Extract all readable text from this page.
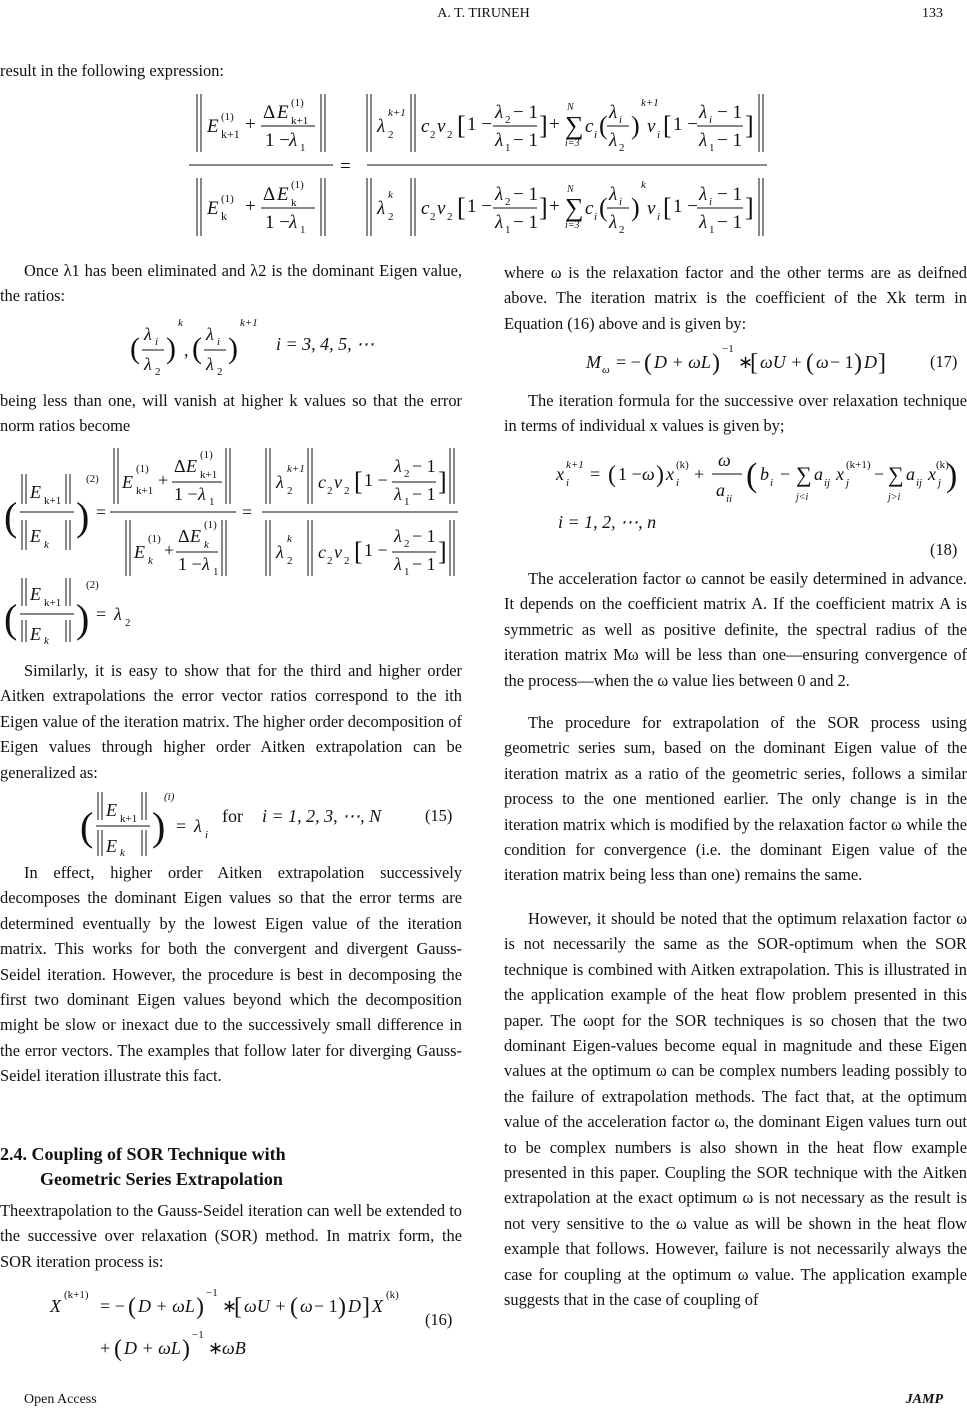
A. T. TIRUNEH	133

result in the following expression:

E k+1
(1) +
Δ E k+1
(1)
1 − λ 1
E k
(1) +
Δ E k
(1)
1 − λ 1
=
λ 2
k+1
c 2 v 2 [ 1 −
λ 2 − 1
λ 1 − 1
] + ∑
N
i=3
c i ( λ i
λ 2
)
k+1
v i [ 1 −
λ i − 1
λ 1 − 1
]
λ 2
k
c 2 v 2 [ 1 −
λ 2 − 1
λ 1 − 1
] + ∑
N
i=3
c i ( λ i
λ 2
)
k
v i [ 1 −
λ i − 1
λ 1 − 1
]

Once λ1 has been eliminated and λ2 is the dominant Eigen value, the ratios:

( λ i
λ 2
)
k
, ( λ i
λ 2
)
k+1
i = 3, 4, 5, ⋯

being less than one, will vanish at higher k values so that the error norm ratios become

(
E k+1
E k
)
(2)
=
E k+1
(1)
+
Δ E k+1
(1)
1 − λ 1
E k
(1)
+
Δ E k
(1)
1 − λ 1
=
λ 2
k+1
c 2 v 2 [ 1 −
λ 2 − 1
λ 1 − 1 ]
λ 2
k
c 2 v 2 [ 1 −
λ 2 − 1
λ 1 − 1 ]
(
E k+1
E k )
(2)
= λ 2

Similarly, it is easy to show that for the third and higher order Aitken extrapolations the error vector ratios correspond to the ith Eigen value of the iteration matrix. The higher order decomposition of Eigen values through higher order Aitken extrapolation can be generalized as:

( E k+1
E k
)
(i)
= λ i
for i = 1, 2, 3, ⋯, N	(15)

In effect, higher order Aitken extrapolation successively decomposes the dominant Eigen values so that the error terms are determined eventually by the lowest Eigen value of the iteration matrix. This works for both the convergent and divergent Gauss-Seidel iteration. However, the procedure is best in decomposing the first two dominant Eigen values beyond which the decomposition might be slow or inexact due to the successively small difference in the error vectors. The examples that follow later for diverging Gauss-Seidel iteration illustrate this fact.

2.4. Coupling of SOR Technique with
Geometric Series Extrapolation

Theextrapolation to the Gauss-Seidel iteration can well be extended to the successive over relaxation (SOR) method. In matrix form, the SOR iteration process is:

X
(k+1)
= − ( D + ωL )
−1
∗
[ ωU + ( ω − 1 ) D ] X
(k)
+ ( D + ωL )
−1
∗
ωB
(16)

where ω is the relaxation factor and the other terms are as deifned above. The iteration matrix is the coefficient of the Xk term in Equation (16) above and is given by:

M ω = − ( D + ωL )
−1
∗
[ ωU + ( ω − 1 ) D ]	(17)

The iteration formula for the successive over relaxation technique in terms of individual x values is given by;

x i
k+1 = ( 1 − ω ) x i
(k) +
ω
a ii
( b i − ∑
j<i
a ij x j
(k+1) − ∑
j>i
a ij x j
(k)
)
i = 1, 2, ⋯, n
(18)

The acceleration factor ω cannot be easily determined in advance. It depends on the coefficient matrix A. If the coefficient matrix A is symmetric as well as positive definite, the spectral radius of the iteration matrix Mω will be less than one—ensuring convergence of the process—when the ω value lies between 0 and 2.

The procedure for extrapolation of the SOR process using geometric series sum, based on the dominant Eigen value of the iteration matrix as a ratio of the geometric series, follows a similar process to the one mentioned earlier. The only change is in the iteration matrix which is modified by the relaxation factor ω while the condition for convergence (i.e. the dominant Eigen value of the iteration matrix being less than one) remains the same.

However, it should be noted that the optimum relaxation factor ω is not necessarily the same as the SOR-optimum when the SOR technique is combined with Aitken extrapolation. This is illustrated in the application example of the heat flow problem presented in this paper. The ωopt for the SOR techniques is so chosen that the two dominant Eigen-values become equal in magnitude and these Eigen values at the optimum ω can be complex numbers leading possibly to the failure of extrapolation methods. The fact that, at the optimum value of the acceleration factor ω, the dominant Eigen values turn out to be complex numbers is also shown in the heat flow example presented in this paper. Coupling the SOR technique with the Aitken extrapolation at the exact optimum ω is not necessary as the result is not very sensitive to the ω value as will be shown in the heat flow example that follows. However, failure is not necessarily always the case for coupling at the optimum ω value. The application example suggests that in the case of coupling of

Open Access	JAMP
